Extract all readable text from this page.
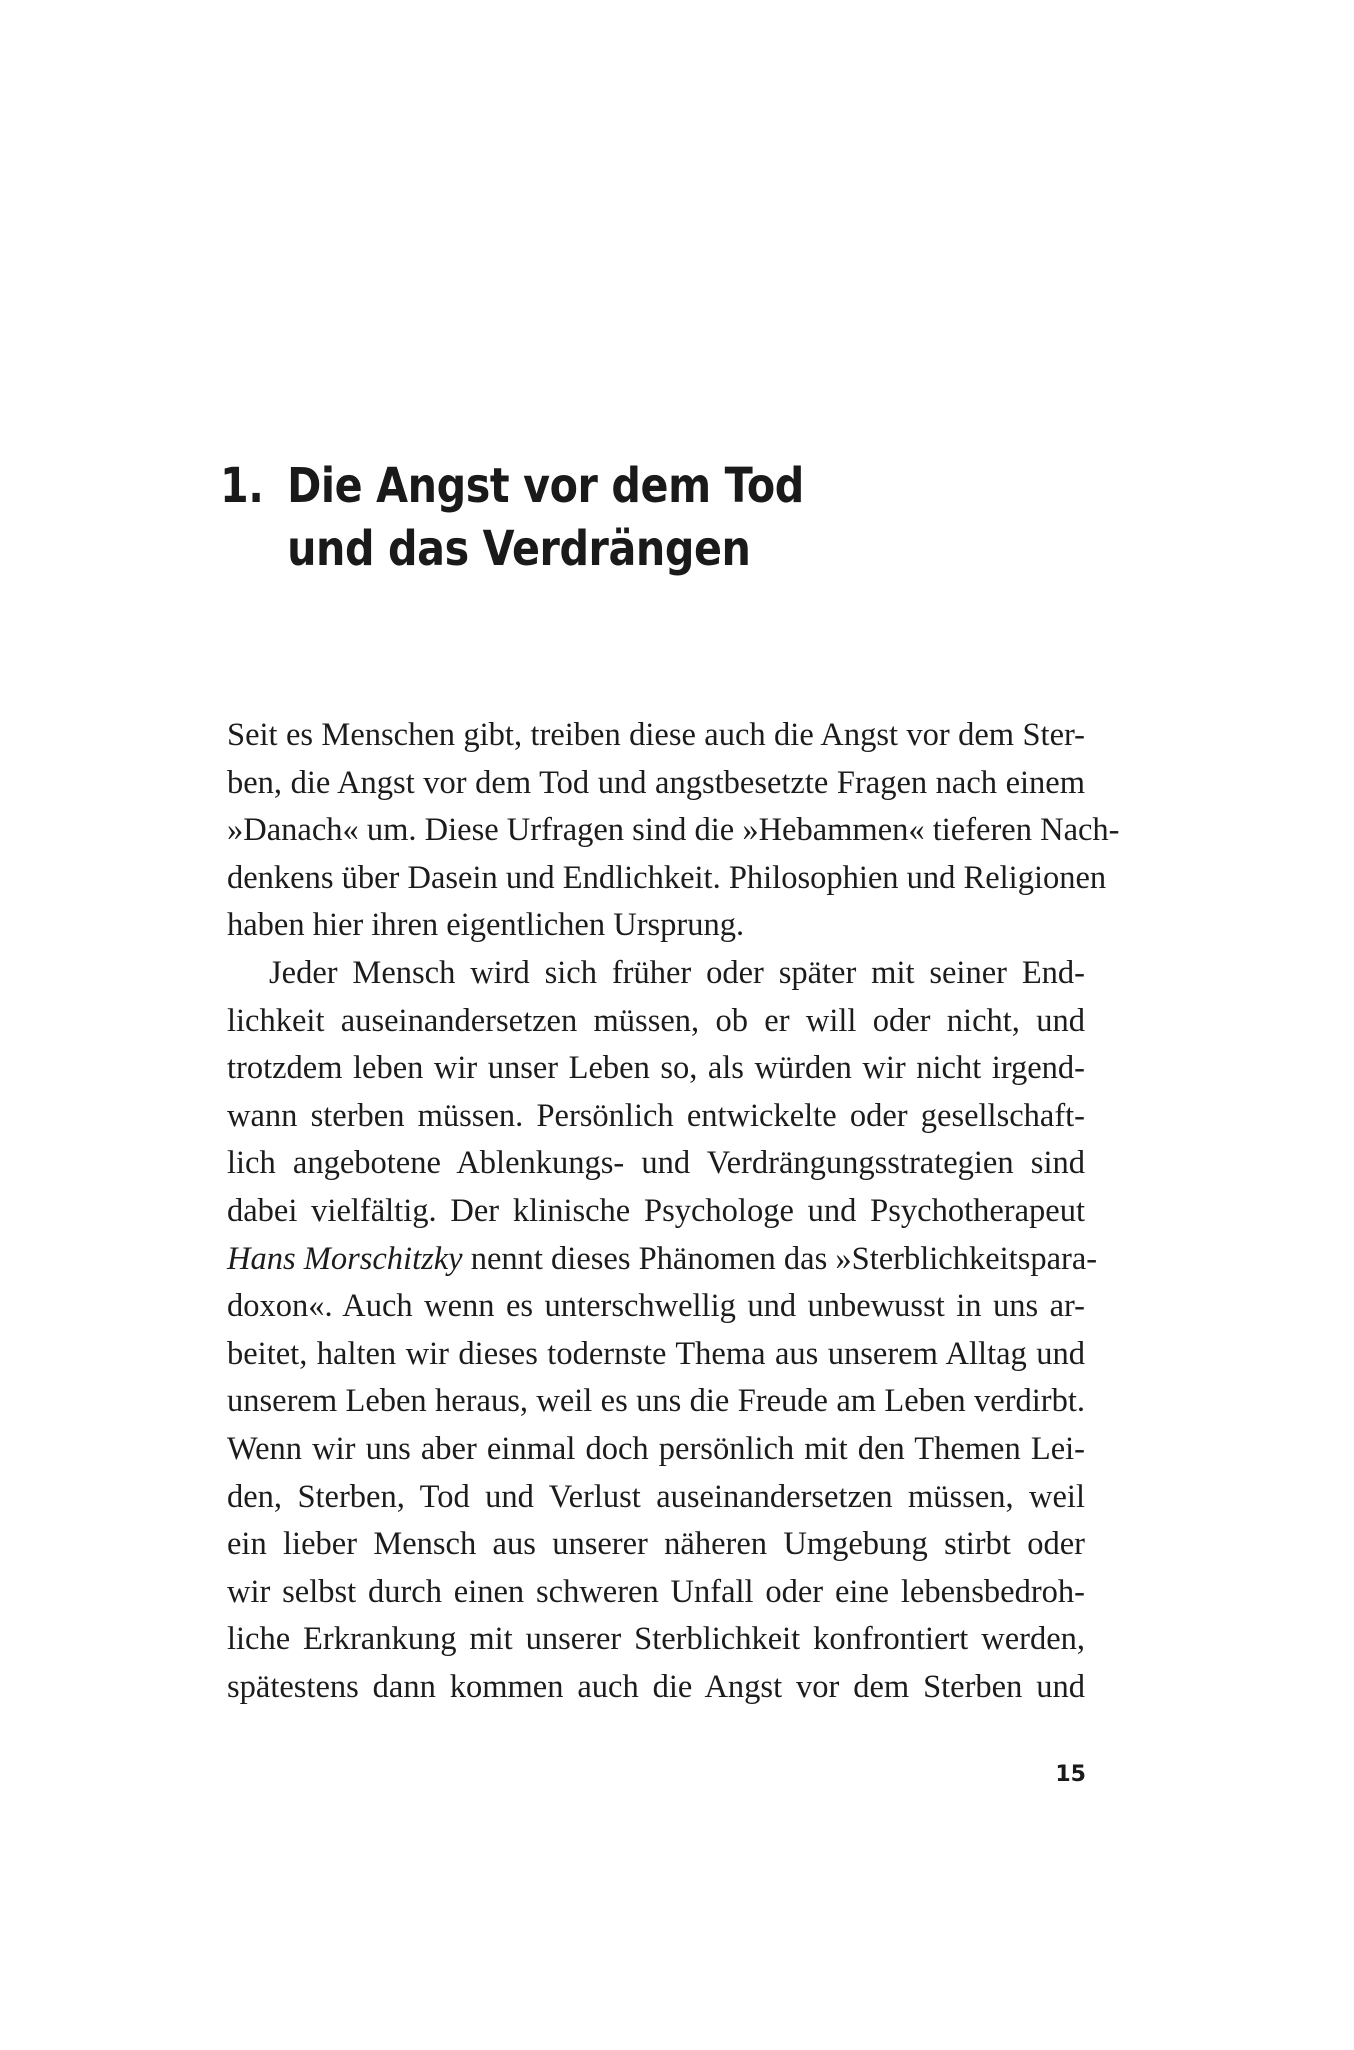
1. Die Angst vor dem Tod
und das Verdrängen
Seit es Menschen gibt, treiben diese auch die Angst vor dem Ster-
ben, die Angst vor dem Tod und angstbesetzte Fragen nach einem
»Danach« um. Diese Urfragen sind die »Hebammen« tieferen Nach-
denkens über Dasein und Endlichkeit. Philosophien und Religionen
haben hier ihren eigentlichen Ursprung.
Jeder Mensch wird sich früher oder später mit seiner End-
lichkeit auseinandersetzen müssen, ob er will oder nicht, und
trotzdem leben wir unser Leben so, als würden wir nicht irgend-
wann sterben müssen. Persönlich entwickelte oder gesellschaft-
lich angebotene Ablenkungs- und Verdrängungsstrategien sind
dabei vielfältig. Der klinische Psychologe und Psychotherapeut
Hans Morschitzky nennt dieses Phänomen das »Sterblichkeitspara-
doxon«. Auch wenn es unterschwellig und unbewusst in uns ar-
beitet, halten wir dieses todernste Thema aus unserem Alltag und
unserem Leben heraus, weil es uns die Freude am Leben verdirbt.
Wenn wir uns aber einmal doch persönlich mit den Themen Lei-
den, Sterben, Tod und Verlust auseinandersetzen müssen, weil
ein lieber Mensch aus unserer näheren Umgebung stirbt oder
wir selbst durch einen schweren Unfall oder eine lebensbedroh-
liche Erkrankung mit unserer Sterblichkeit konfrontiert werden,
spätestens dann kommen auch die Angst vor dem Sterben und
15
